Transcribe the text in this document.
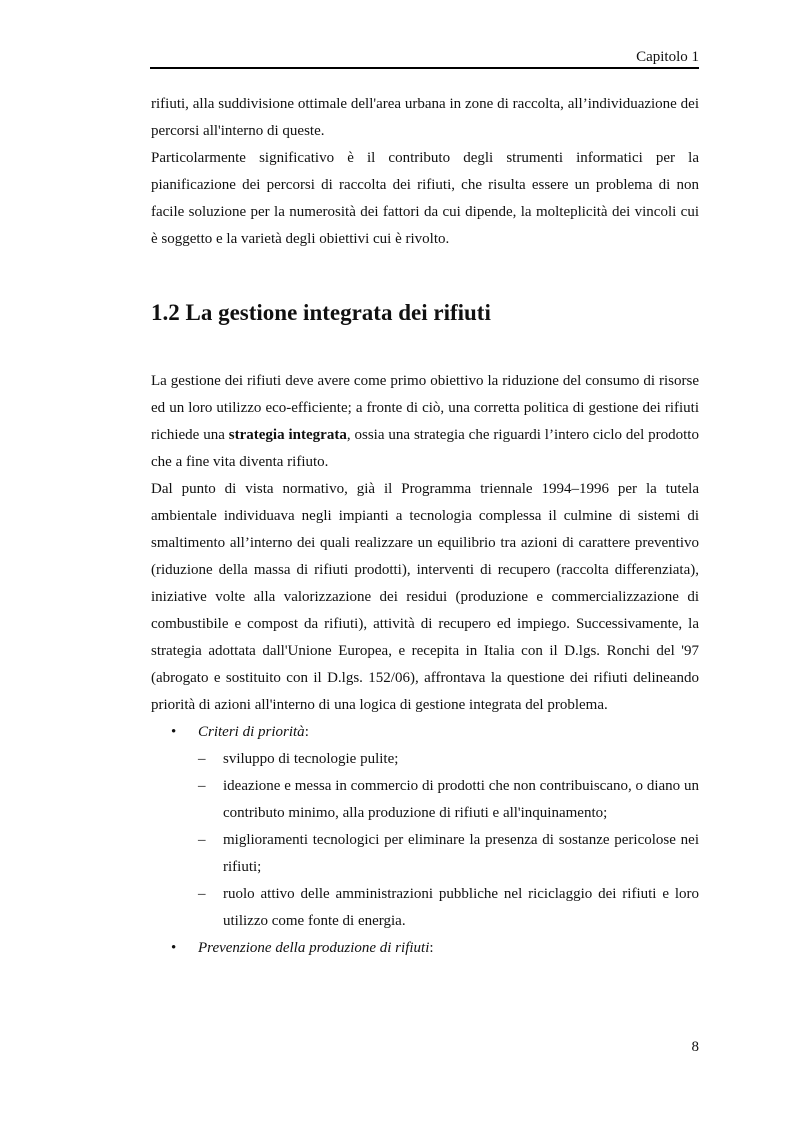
Capitolo 1

rifiuti, alla suddivisione ottimale dell'area urbana in zone di raccolta, all’individuazione dei percorsi all'interno di queste.

Particolarmente significativo è il contributo degli strumenti informatici per la pianificazione dei percorsi di raccolta dei rifiuti, che risulta essere un problema di non facile soluzione per la numerosità dei fattori da cui dipende, la molteplicità dei vincoli cui è soggetto e la varietà degli obiettivi cui è rivolto.

1.2 La gestione integrata dei rifiuti

La gestione dei rifiuti deve avere come primo obiettivo la riduzione del consumo di risorse ed un loro utilizzo eco-efficiente; a fronte di ciò, una corretta politica di gestione dei rifiuti richiede una strategia integrata, ossia una strategia che riguardi l’intero ciclo del prodotto che a fine vita diventa rifiuto.

Dal punto di vista normativo, già il Programma triennale 1994–1996 per la tutela ambientale individuava negli impianti a tecnologia complessa il culmine di sistemi di smaltimento all’interno dei quali realizzare un equilibrio tra azioni di carattere preventivo (riduzione della massa di rifiuti prodotti), interventi di recupero (raccolta differenziata), iniziative volte alla valorizzazione dei residui (produzione e commercializzazione di combustibile e compost da rifiuti), attività di recupero ed impiego. Successivamente, la strategia adottata dall'Unione Europea, e recepita in Italia con il D.lgs. Ronchi del '97 (abrogato e sostituito con il D.lgs. 152/06), affrontava la questione dei rifiuti delineando priorità di azioni all'interno di una logica di gestione integrata del problema.

• Criteri di priorità:
– sviluppo di tecnologie pulite;
– ideazione e messa in commercio di prodotti che non contribuiscano, o diano un contributo minimo, alla produzione di rifiuti e all'inquinamento;
– miglioramenti tecnologici per eliminare la presenza di sostanze pericolose nei rifiuti;
– ruolo attivo delle amministrazioni pubbliche nel riciclaggio dei rifiuti e loro utilizzo come fonte di energia.
• Prevenzione della produzione di rifiuti:
8
